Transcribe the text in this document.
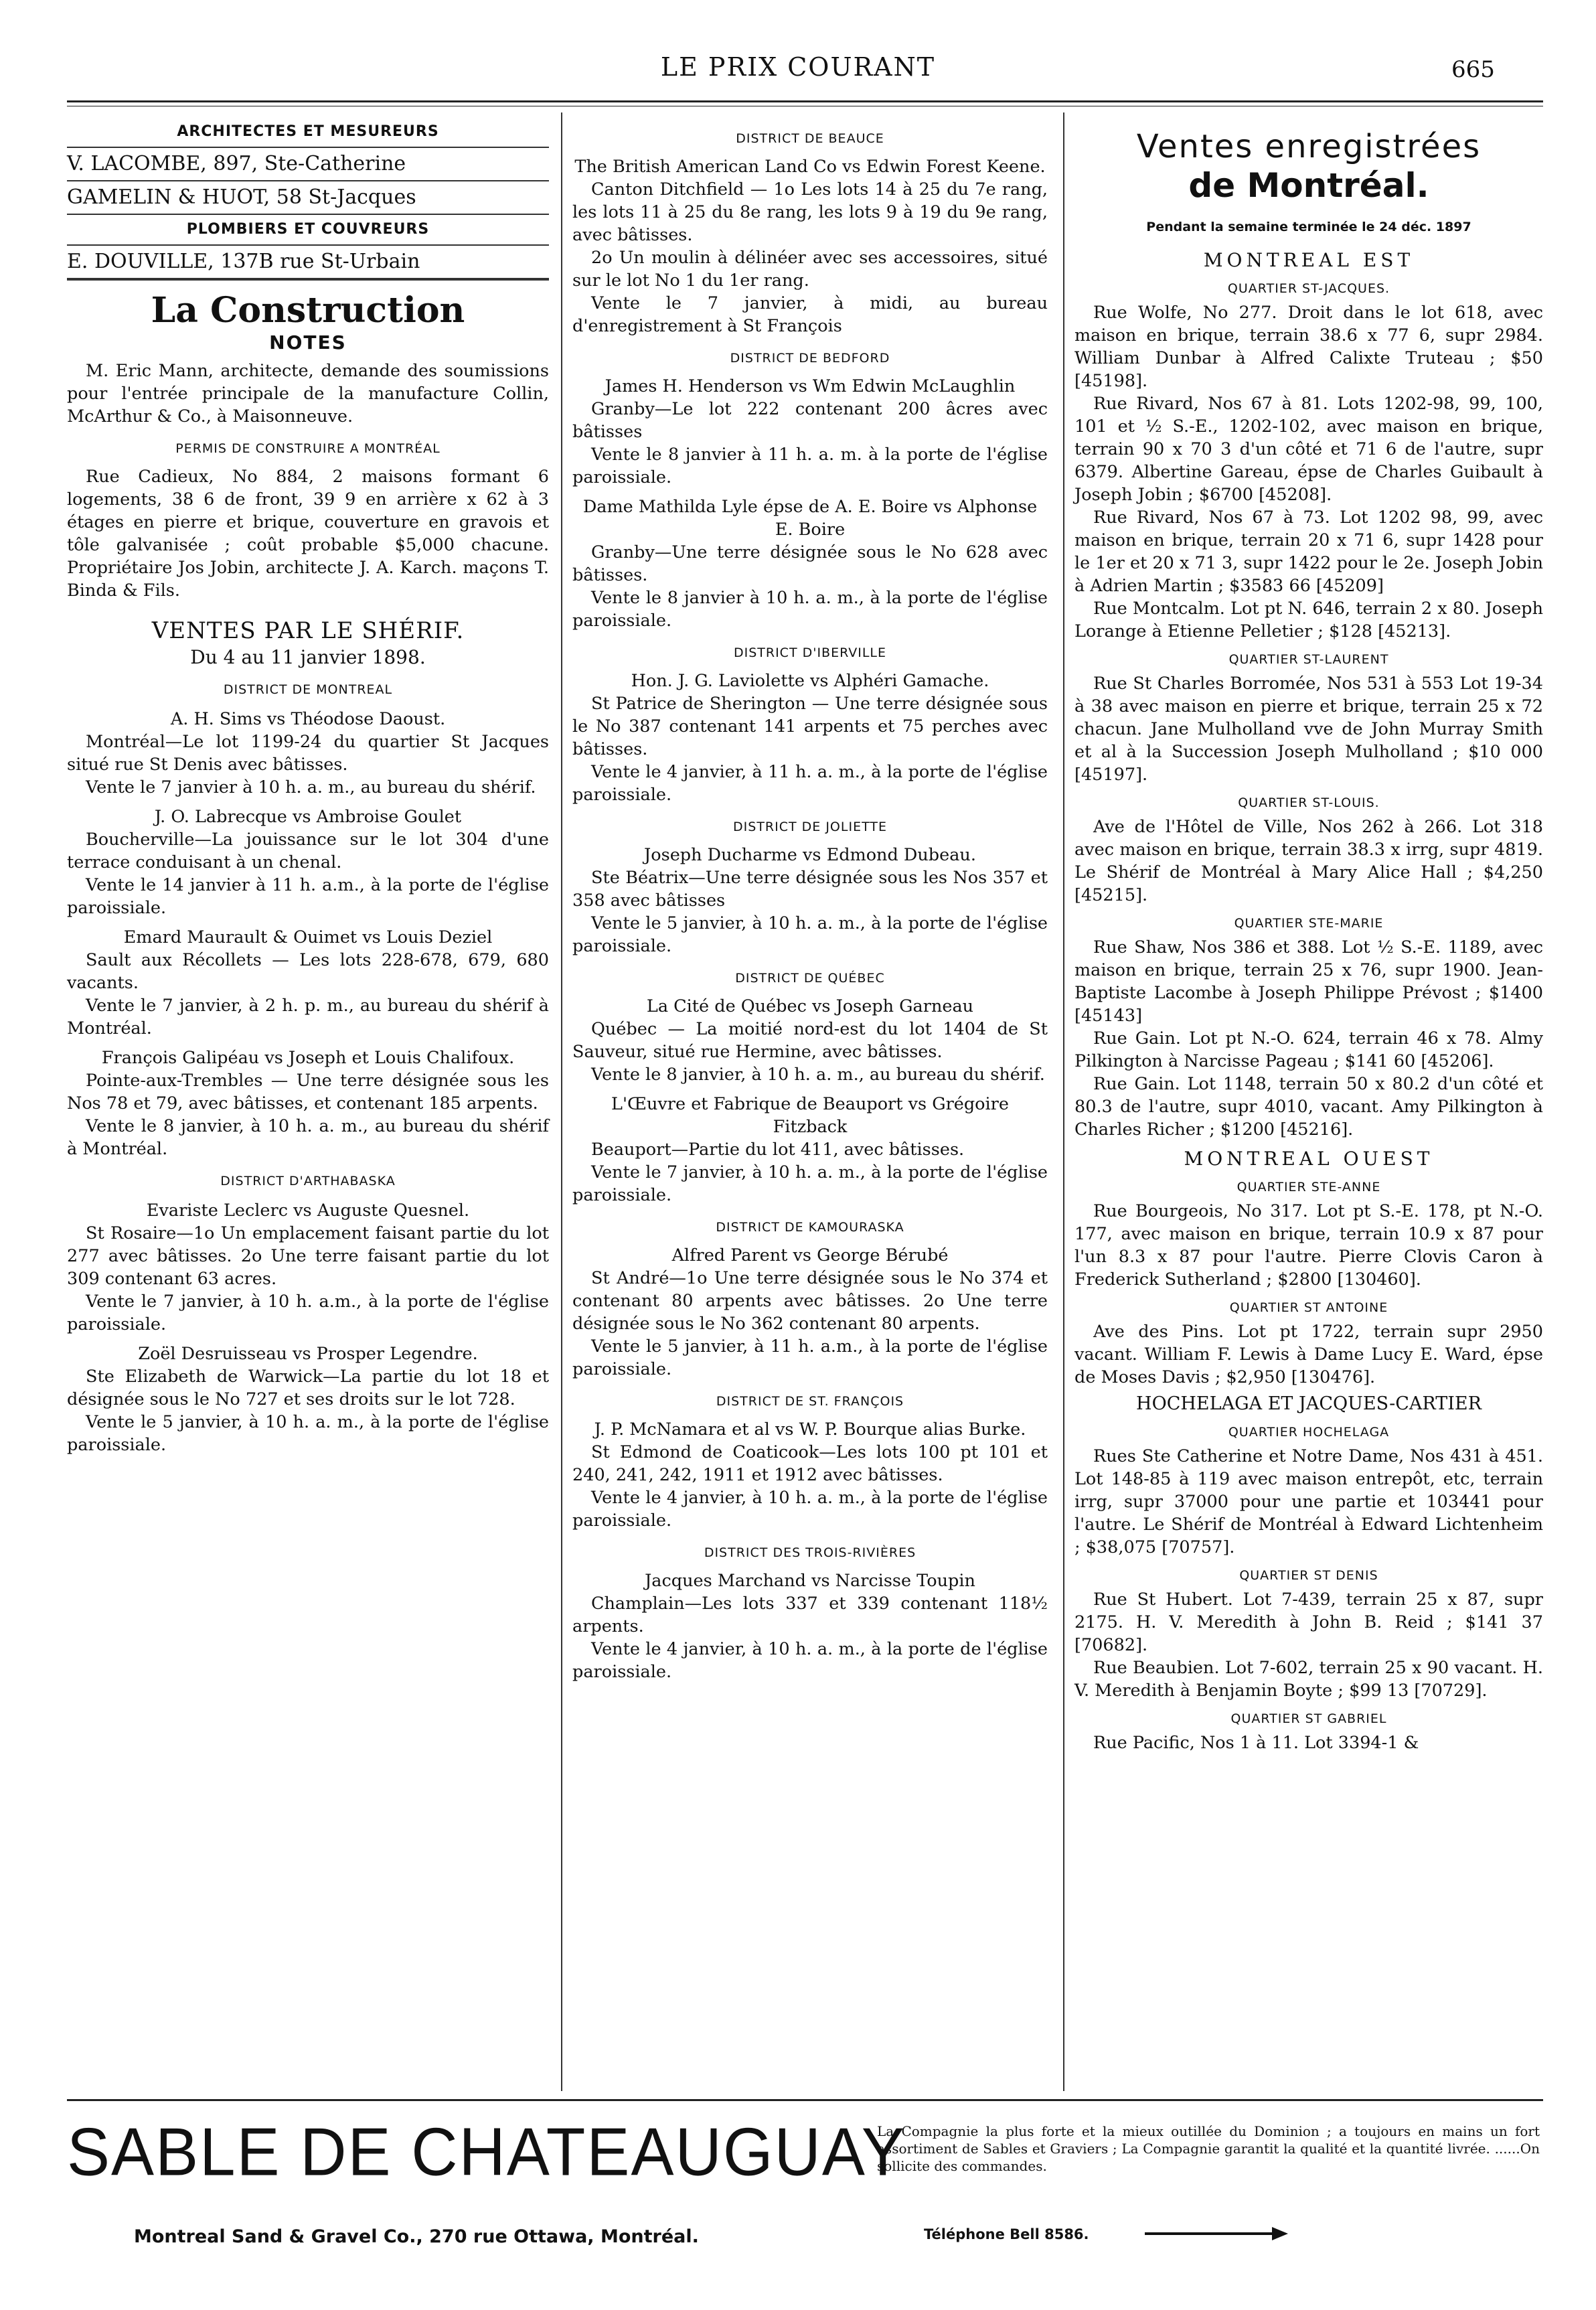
LE PRIX COURANT	665
ARCHITECTES ET MESUREURS
V. LACOMBE, 897, Ste-Catherine
GAMELIN & HUOT, 58 St-Jacques
PLOMBIERS ET COUVREURS
E. DOUVILLE, 137B rue St-Urbain
La Construction
NOTES

M. Eric Mann, architecte, demande des soumissions pour l'entrée principale de la manufacture Collin, McArthur & Co., à Maisonneuve.

PERMIS DE CONSTRUIRE A MONTRÉAL

Rue Cadieux, No 884, 2 maisons formant 6 logements, 38 6 de front, 39 9 en arrière x 62 à 3 étages en pierre et brique, couverture en gravois et tôle galvanisée ; coût probable $5,000 chacune. Propriétaire Jos Jobin, architecte J. A. Karch. maçons T. Binda & Fils.

VENTES PAR LE SHÉRIF.
Du 4 au 11 janvier 1898.
DISTRICT DE MONTREAL
A. H. Sims vs Théodose Daoust.

Montréal—Le lot 1199-24 du quartier St Jacques situé rue St Denis avec bâtisses.

Vente le 7 janvier à 10 h. a. m., au bureau du shérif.

J. O. Labrecque vs Ambroise Goulet

Boucherville—La jouissance sur le lot 304 d'une terrace conduisant à un chenal.

Vente le 14 janvier à 11 h. a.m., à la porte de l'église paroissiale.

Emard Maurault & Ouimet vs Louis Deziel

Sault aux Récollets — Les lots 228-678, 679, 680 vacants.

Vente le 7 janvier, à 2 h. p. m., au bureau du shérif à Montréal.

François Galipéau vs Joseph et Louis Chalifoux.

Pointe-aux-Trembles — Une terre désignée sous les Nos 78 et 79, avec bâtisses, et contenant 185 arpents.

Vente le 8 janvier, à 10 h. a. m., au bureau du shérif à Montréal.

DISTRICT D'ARTHABASKA
Evariste Leclerc vs Auguste Quesnel.

St Rosaire—1o Un emplacement faisant partie du lot 277 avec bâtisses. 2o Une terre faisant partie du lot 309 contenant 63 acres.

Vente le 7 janvier, à 10 h. a.m., à la porte de l'église paroissiale.

Zoël Desruisseau vs Prosper Legendre.

Ste Elizabeth de Warwick—La partie du lot 18 et désignée sous le No 727 et ses droits sur le lot 728.

Vente le 5 janvier, à 10 h. a. m., à la porte de l'église paroissiale.

DISTRICT DE BEAUCE
The British American Land Co vs Edwin Forest Keene.

Canton Ditchfield — 1o Les lots 14 à 25 du 7e rang, les lots 11 à 25 du 8e rang, les lots 9 à 19 du 9e rang, avec bâtisses.

2o Un moulin à délinéer avec ses accessoires, situé sur le lot No 1 du 1er rang.

Vente le 7 janvier, à midi, au bureau d'enregistrement à St François

DISTRICT DE BEDFORD
James H. Henderson vs Wm Edwin McLaughlin

Granby—Le lot 222 contenant 200 âcres avec bâtisses

Vente le 8 janvier à 11 h. a. m. à la porte de l'église paroissiale.

Dame Mathilda Lyle épse de A. E. Boire vs Alphonse E. Boire

Granby—Une terre désignée sous le No 628 avec bâtisses.

Vente le 8 janvier à 10 h. a. m., à la porte de l'église paroissiale.

DISTRICT D'IBERVILLE
Hon. J. G. Laviolette vs Alphéri Gamache.

St Patrice de Sherington — Une terre désignée sous le No 387 contenant 141 arpents et 75 perches avec bâtisses.

Vente le 4 janvier, à 11 h. a. m., à la porte de l'église paroissiale.

DISTRICT DE JOLIETTE
Joseph Ducharme vs Edmond Dubeau.

Ste Béatrix—Une terre désignée sous les Nos 357 et 358 avec bâtisses

Vente le 5 janvier, à 10 h. a. m., à la porte de l'église paroissiale.

DISTRICT DE QUÉBEC
La Cité de Québec vs Joseph Garneau

Québec — La moitié nord-est du lot 1404 de St Sauveur, situé rue Hermine, avec bâtisses.

Vente le 8 janvier, à 10 h. a. m., au bureau du shérif.

L'Œuvre et Fabrique de Beauport vs Grégoire Fitzback

Beauport—Partie du lot 411, avec bâtisses.

Vente le 7 janvier, à 10 h. a. m., à la porte de l'église paroissiale.

DISTRICT DE KAMOURASKA
Alfred Parent vs George Bérubé

St André—1o Une terre désignée sous le No 374 et contenant 80 arpents avec bâtisses. 2o Une terre désignée sous le No 362 contenant 80 arpents.

Vente le 5 janvier, à 11 h. a.m., à la porte de l'église paroissiale.

DISTRICT DE ST. FRANÇOIS
J. P. McNamara et al vs W. P. Bourque alias Burke.

St Edmond de Coaticook—Les lots 100 pt 101 et 240, 241, 242, 1911 et 1912 avec bâtisses.

Vente le 4 janvier, à 10 h. a. m., à la porte de l'église paroissiale.

DISTRICT DES TROIS-RIVIÈRES
Jacques Marchand vs Narcisse Toupin

Champlain—Les lots 337 et 339 contenant 118½ arpents.

Vente le 4 janvier, à 10 h. a. m., à la porte de l'église paroissiale.

Ventes enregistrées
de Montréal.
Pendant la semaine terminée le 24 déc. 1897
MONTREAL EST
QUARTIER ST-JACQUES.

Rue Wolfe, No 277. Droit dans le lot 618, avec maison en brique, terrain 38.6 x 77 6, supr 2984. William Dunbar à Alfred Calixte Truteau ; $50 [45198].

Rue Rivard, Nos 67 à 81. Lots 1202-98, 99, 100, 101 et ½ S.-E., 1202-102, avec maison en brique, terrain 90 x 70 3 d'un côté et 71 6 de l'autre, supr 6379. Albertine Gareau, épse de Charles Guibault à Joseph Jobin ; $6700 [45208].

Rue Rivard, Nos 67 à 73. Lot 1202 98, 99, avec maison en brique, terrain 20 x 71 6, supr 1428 pour le 1er et 20 x 71 3, supr 1422 pour le 2e. Joseph Jobin à Adrien Martin ; $3583 66 [45209]

Rue Montcalm. Lot pt N. 646, terrain 2 x 80. Joseph Lorange à Etienne Pelletier ; $128 [45213].

QUARTIER ST-LAURENT

Rue St Charles Borromée, Nos 531 à 553 Lot 19-34 à 38 avec maison en pierre et brique, terrain 25 x 72 chacun. Jane Mulholland vve de John Murray Smith et al à la Succession Joseph Mulholland ; $10 000 [45197].

QUARTIER ST-LOUIS.

Ave de l'Hôtel de Ville, Nos 262 à 266. Lot 318 avec maison en brique, terrain 38.3 x irrg, supr 4819. Le Shérif de Montréal à Mary Alice Hall ; $4,250 [45215].

QUARTIER STE-MARIE

Rue Shaw, Nos 386 et 388. Lot ½ S.-E. 1189, avec maison en brique, terrain 25 x 76, supr 1900. Jean-Baptiste Lacombe à Joseph Philippe Prévost ; $1400 [45143]

Rue Gain. Lot pt N.-O. 624, terrain 46 x 78. Almy Pilkington à Narcisse Pageau ; $141 60 [45206].

Rue Gain. Lot 1148, terrain 50 x 80.2 d'un côté et 80.3 de l'autre, supr 4010, vacant. Amy Pilkington à Charles Richer ; $1200 [45216].

MONTREAL OUEST
QUARTIER STE-ANNE

Rue Bourgeois, No 317. Lot pt S.-E. 178, pt N.-O. 177, avec maison en brique, terrain 10.9 x 87 pour l'un 8.3 x 87 pour l'autre. Pierre Clovis Caron à Frederick Sutherland ; $2800 [130460].

QUARTIER ST ANTOINE

Ave des Pins. Lot pt 1722, terrain supr 2950 vacant. William F. Lewis à Dame Lucy E. Ward, épse de Moses Davis ; $2,950 [130476].

HOCHELAGA ET JACQUES-CARTIER
QUARTIER HOCHELAGA

Rues Ste Catherine et Notre Dame, Nos 431 à 451. Lot 148-85 à 119 avec maison entrepôt, etc, terrain irrg, supr 37000 pour une partie et 103441 pour l'autre. Le Shérif de Montréal à Edward Lichtenheim ; $38,075 [70757].

QUARTIER ST DENIS

Rue St Hubert. Lot 7-439, terrain 25 x 87, supr 2175. H. V. Meredith à John B. Reid ; $141 37 [70682].

Rue Beaubien. Lot 7-602, terrain 25 x 90 vacant. H. V. Meredith à Benjamin Boyte ; $99 13 [70729].

QUARTIER ST GABRIEL

Rue Pacific, Nos 1 à 11. Lot 3394-1 &

SABLE DE CHATEAUGUAY
La Compagnie la plus forte et la mieux outillée du Dominion ; a toujours en mains un fort assortiment de Sables et Graviers ; La Compagnie garantit la qualité et la quantité livrée. ......On sollicite des commandes.
Montreal Sand & Gravel Co., 270 rue Ottawa, Montréal.	Téléphone Bell 8586.
